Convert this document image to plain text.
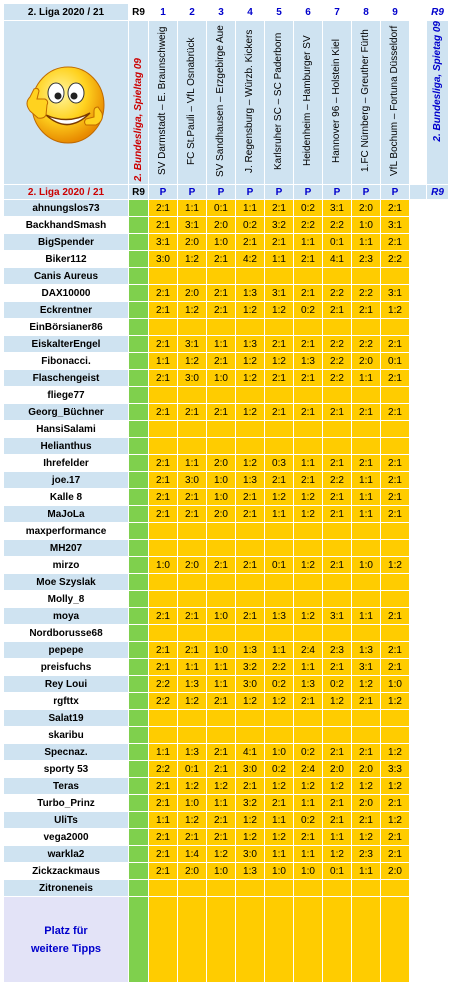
2. Liga 2020 / 21	R9	1	2	3	4	5	6	7	8	9		R9

	2. Bundesliga, Spieltag 09	SV Darmstadt – E. Braunschweig	FC St.Pauli – VfL Osnabrück	SV Sandhausen – Erzgebirge Aue	J. Regensburg – Würzb. Kickers	Karlsruher SC – SC Paderborn	Heidenheim – Hamburger SV	Hannover 96 – Holstein Kiel	1.FC Nürnberg – Greuther Fürth	VfL Bochum – Fortuna Düsseldorf		2. Bundesliga, Spietag 09
2. Liga 2020 / 21	R9	P	P	P	P	P	P	P	P	P		R9
ahnungslos73		2:1	1:1	0:1	1:1	2:1	0:2	3:1	2:0	2:1		
BackhandSmash		2:1	3:1	2:0	0:2	3:2	2:2	2:2	1:0	3:1		
BigSpender		3:1	2:0	1:0	2:1	2:1	1:1	0:1	1:1	2:1		
Biker112		3:0	1:2	2:1	4:2	1:1	2:1	4:1	2:3	2:2		
Canis Aureus												
DAX10000		2:1	2:0	2:1	1:3	3:1	2:1	2:2	2:2	3:1		
Eckrentner		2:1	1:2	2:1	1:2	1:2	0:2	2:1	2:1	1:2		
EinBörsianer86												
EiskalterEngel		2:1	3:1	1:1	1:3	2:1	2:1	2:2	2:2	2:1		
Fibonacci.		1:1	1:2	2:1	1:2	1:2	1:3	2:2	2:0	0:1		
Flaschengeist		2:1	3:0	1:0	1:2	2:1	2:1	2:2	1:1	2:1		
fliege77												
Georg_Büchner		2:1	2:1	2:1	1:2	2:1	2:1	2:1	2:1	2:1		
HansiSalami												
Helianthus												
Ihrefelder		2:1	1:1	2:0	1:2	0:3	1:1	2:1	2:1	2:1		
joe.17		2:1	3:0	1:0	1:3	2:1	2:1	2:2	1:1	2:1		
Kalle 8		2:1	2:1	1:0	2:1	1:2	1:2	2:1	1:1	2:1		
MaJoLa		2:1	2:1	2:0	2:1	1:1	1:2	2:1	1:1	2:1		
maxperformance												
MH207												
mirzo		1:0	2:0	2:1	2:1	0:1	1:2	2:1	1:0	1:2		
Moe Szyslak												
Molly_8												
moya		2:1	2:1	1:0	2:1	1:3	1:2	3:1	1:1	2:1		
Nordborusse68												
pepepe		2:1	2:1	1:0	1:3	1:1	2:4	2:3	1:3	2:1		
preisfuchs		2:1	1:1	1:1	3:2	2:2	1:1	2:1	3:1	2:1		
Rey Loui		2:2	1:3	1:1	3:0	0:2	1:3	0:2	1:2	1:0		
rgfttx		2:2	1:2	2:1	1:2	1:2	2:1	1:2	2:1	1:2		
Salat19												
skaribu												
Specnaz.		1:1	1:3	2:1	4:1	1:0	0:2	2:1	2:1	1:2		
sporty 53		2:2	0:1	2:1	3:0	0:2	2:4	2:0	2:0	3:3		
Teras		2:1	1:2	1:2	2:1	1:2	1:2	1:2	1:2	1:2		
Turbo_Prinz		2:1	1:0	1:1	3:2	2:1	1:1	2:1	2:0	2:1		
UliTs		1:1	1:2	2:1	1:2	1:1	0:2	2:1	2:1	1:2		
vega2000		2:1	2:1	2:1	1:2	1:2	2:1	1:1	1:2	2:1		
warkla2		2:1	1:4	1:2	3:0	1:1	1:1	1:2	2:3	2:1		
Zickzackmaus		2:1	2:0	1:0	1:3	1:0	1:0	0:1	1:1	2:0		
Zitroneneis												

Platz für
weitere Tipps												
